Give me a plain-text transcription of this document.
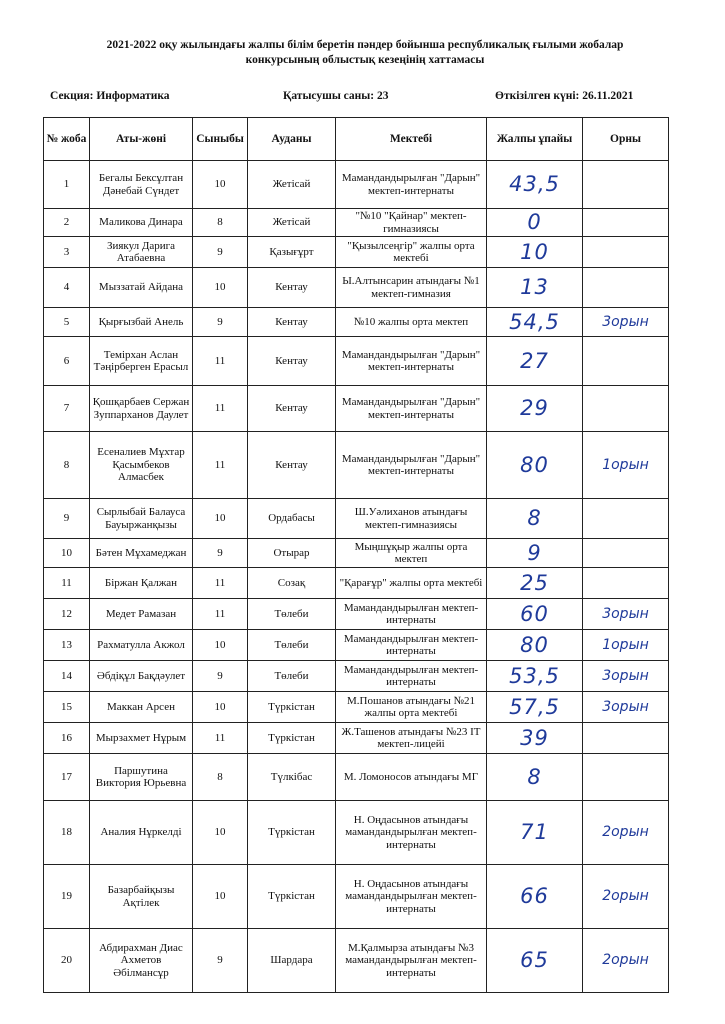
2021-2022 оқу жылындағы жалпы білім беретін пәндер бойынша республикалық ғылыми жобалар
конкурсының облыстық кезеңінің хаттамасы
Секция: Информатика	Қатысушы саны: 23	Өткізілген күні: 26.11.2021
№ жоба	Аты-жөні	Сыныбы	Ауданы	Мектебі	Жалпы ұпайы	Орны
1	Бегалы Бексұлтан Дәнебай Сүндет	10	Жетісай	Мамандандырылған "Дарын" мектеп-интернаты	43,5	
2	Маликова Динара	8	Жетісай	"№10 "Қайнар" мектеп-гимназиясы	0	
3	Зиякул Дарига Атабаевна	9	Қазығұрт	"Қызылсеңгір" жалпы орта мектебі	10	
4	Мыззатай Айдана	10	Кентау	Ы.Алтынсарин атындағы №1 мектеп-гимназия	13	
5	Қырғызбай Анель	9	Кентау	№10 жалпы орта мектеп	54,5	3орын
6	Темірхан Аслан Тәңірберген Ерасыл	11	Кентау	Мамандандырылған "Дарын" мектеп-интернаты	27	
7	Қошқарбаев Сержан Зуппарханов Даулет	11	Кентау	Мамандандырылған "Дарын" мектеп-интернаты	29	
8	Есеналиев Мұхтар Қасымбеков Алмасбек	11	Кентау	Мамандандырылған "Дарын" мектеп-интернаты	80	1орын
9	Сырлыбай Балауса Бауыржанқызы	10	Ордабасы	Ш.Уәлиханов атындағы мектеп-гимназиясы	8	
10	Бәтен Мұхамеджан	9	Отырар	Мыңшұқыр жалпы орта мектеп	9	
11	Біржан Қалжан	11	Созақ	"Қарағұр" жалпы орта мектебі	25	
12	Медет Рамазан	11	Төлеби	Мамандандырылған мектеп-интернаты	60	3орын
13	Рахматулла Акжол	10	Төлеби	Мамандандырылған мектеп-интернаты	80	1орын
14	Әбдіқұл Бақдәулет	9	Төлеби	Мамандандырылған мектеп-интернаты	53,5	3орын
15	Маккан Арсен	10	Түркістан	М.Пошанов атындағы №21 жалпы орта мектебі	57,5	3орын
16	Мырзахмет Нұрым	11	Түркістан	Ж.Ташенов атындағы №23 IT мектеп-лицейі	39	
17	Паршутина Виктория Юрьевна	8	Түлкібас	М. Ломоносов атындағы МГ	8	
18	Аналия Нұркелді	10	Түркістан	Н. Оңдасынов атындағы мамандандырылған мектеп-интернаты	71	2орын
19	Базарбайқызы Ақтілек	10	Түркістан	Н. Оңдасынов атындағы мамандандырылған мектеп-интернаты	66	2орын
20	Абдирахман Диас Ахметов Әбілмансұр	9	Шардара	М.Қалмырза атындағы №3 мамандандырылған мектеп-интернаты	65	2орын
